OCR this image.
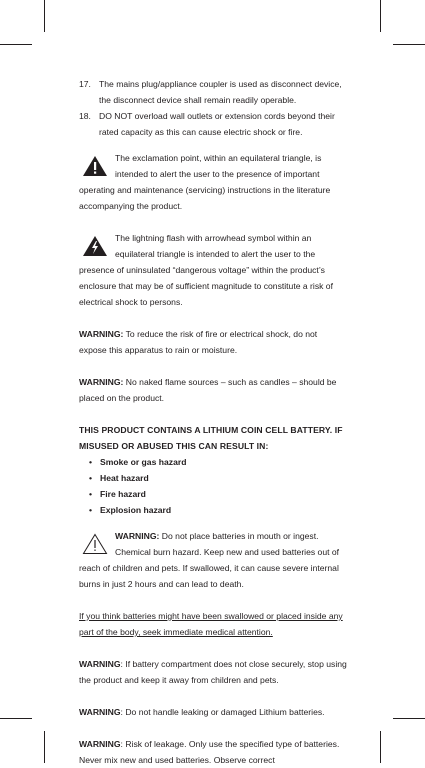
17. The mains plug/appliance coupler is used as disconnect device, the disconnect device shall remain readily operable.
18. DO NOT overload wall outlets or extension cords beyond their rated capacity as this can cause electric shock or fire.
The exclamation point, within an equilateral triangle, is intended to alert the user to the presence of important operating and maintenance (servicing) instructions in the literature accompanying the product.
The lightning flash with arrowhead symbol within an equilateral triangle is intended to alert the user to the presence of uninsulated “dangerous voltage” within the product’s enclosure that may be of sufficient magnitude to constitute a risk of electrical shock to persons.
WARNING: To reduce the risk of fire or electrical shock, do not expose this apparatus to rain or moisture.
WARNING: No naked flame sources – such as candles – should be placed on the product.
THIS PRODUCT CONTAINS A LITHIUM COIN CELL BATTERY. IF MISUSED OR ABUSED THIS CAN RESULT IN:
• Smoke or gas hazard
• Heat hazard
• Fire hazard
• Explosion hazard
WARNING: Do not place batteries in mouth or ingest. Chemical burn hazard. Keep new and used batteries out of reach of children and pets. If swallowed, it can cause severe internal burns in just 2 hours and can lead to death.
If you think batteries might have been swallowed or placed inside any part of the body, seek immediate medical attention.
WARNING: If battery compartment does not close securely, stop using the product and keep it away from children and pets.
WARNING: Do not handle leaking or damaged Lithium batteries.
WARNING: Risk of leakage. Only use the specified type of batteries. Never mix new and used batteries. Observe correct
